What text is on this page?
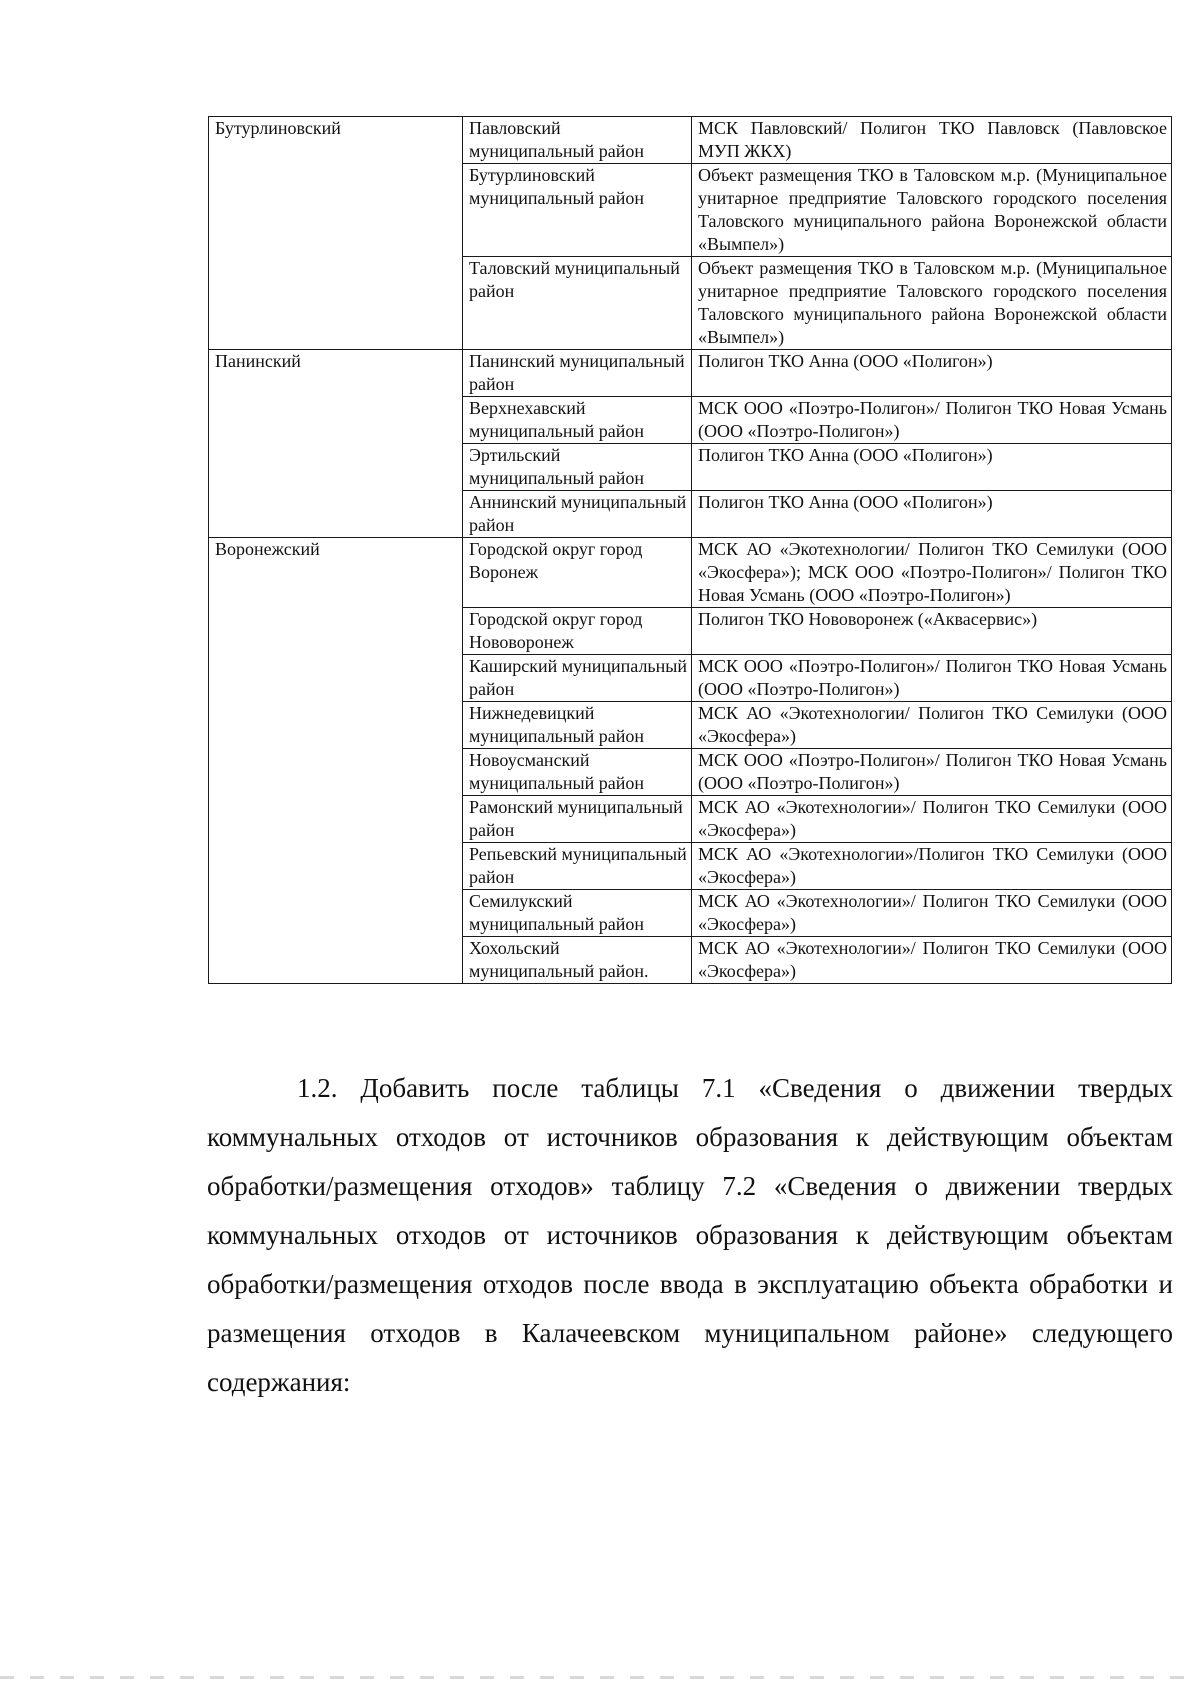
Бутурлиновский	Павловский муниципальный район	МСК Павловский/ Полигон ТКО Павловск (Павловское МУП ЖКХ)
	Бутурлиновский муниципальный район	Объект размещения ТКО в Таловском м.р. (Муниципальное унитарное предприятие Таловского городского поселения Таловского муниципального района Воронежской области «Вымпел»)
	Таловский муниципальный район	Объект размещения ТКО в Таловском м.р. (Муниципальное унитарное предприятие Таловского городского поселения Таловского муниципального района Воронежской области «Вымпел»)
Панинский	Панинский муниципальный район	Полигон ТКО Анна (ООО «Полигон»)
	Верхнехавский муниципальный район	МСК ООО «Поэтро-Полигон»/ Полигон ТКО Новая Усмань (ООО «Поэтро-Полигон»)
	Эртильский муниципальный район	Полигон ТКО Анна (ООО «Полигон»)
	Аннинский муниципальный район	Полигон ТКО Анна (ООО «Полигон»)
Воронежский	Городской округ город Воронеж	МСК АО «Экотехнологии/ Полигон ТКО Семилуки (ООО «Экосфера»); МСК ООО «Поэтро-Полигон»/ Полигон ТКО Новая Усмань (ООО «Поэтро-Полигон»)
	Городской округ город Нововоронеж	Полигон ТКО Нововоронеж («Аквасервис»)
	Каширский муниципальный район	МСК ООО «Поэтро-Полигон»/ Полигон ТКО Новая Усмань (ООО «Поэтро-Полигон»)
	Нижнедевицкий муниципальный район	МСК АО «Экотехнологии/ Полигон ТКО Семилуки (ООО «Экосфера»)
	Новоусманский муниципальный район	МСК ООО «Поэтро-Полигон»/ Полигон ТКО Новая Усмань (ООО «Поэтро-Полигон»)
	Рамонский муниципальный район	МСК АО «Экотехнологии»/ Полигон ТКО Семилуки (ООО «Экосфера»)
	Репьевский муниципальный район	МСК АО «Экотехнологии»/Полигон ТКО Семилуки (ООО «Экосфера»)
	Семилукский муниципальный район	МСК АО «Экотехнологии»/ Полигон ТКО Семилуки (ООО «Экосфера»)
	Хохольский муниципальный район.	МСК АО «Экотехнологии»/ Полигон ТКО Семилуки (ООО «Экосфера»)

1.2. Добавить после таблицы 7.1 «Сведения о движении твердых коммунальных отходов от источников образования к действующим объектам обработки/размещения отходов» таблицу 7.2 «Сведения о движении твердых коммунальных отходов от источников образования к действующим объектам обработки/размещения отходов после ввода в эксплуатацию объекта обработки и размещения отходов в Калачеевском муниципальном районе» следующего содержания:
